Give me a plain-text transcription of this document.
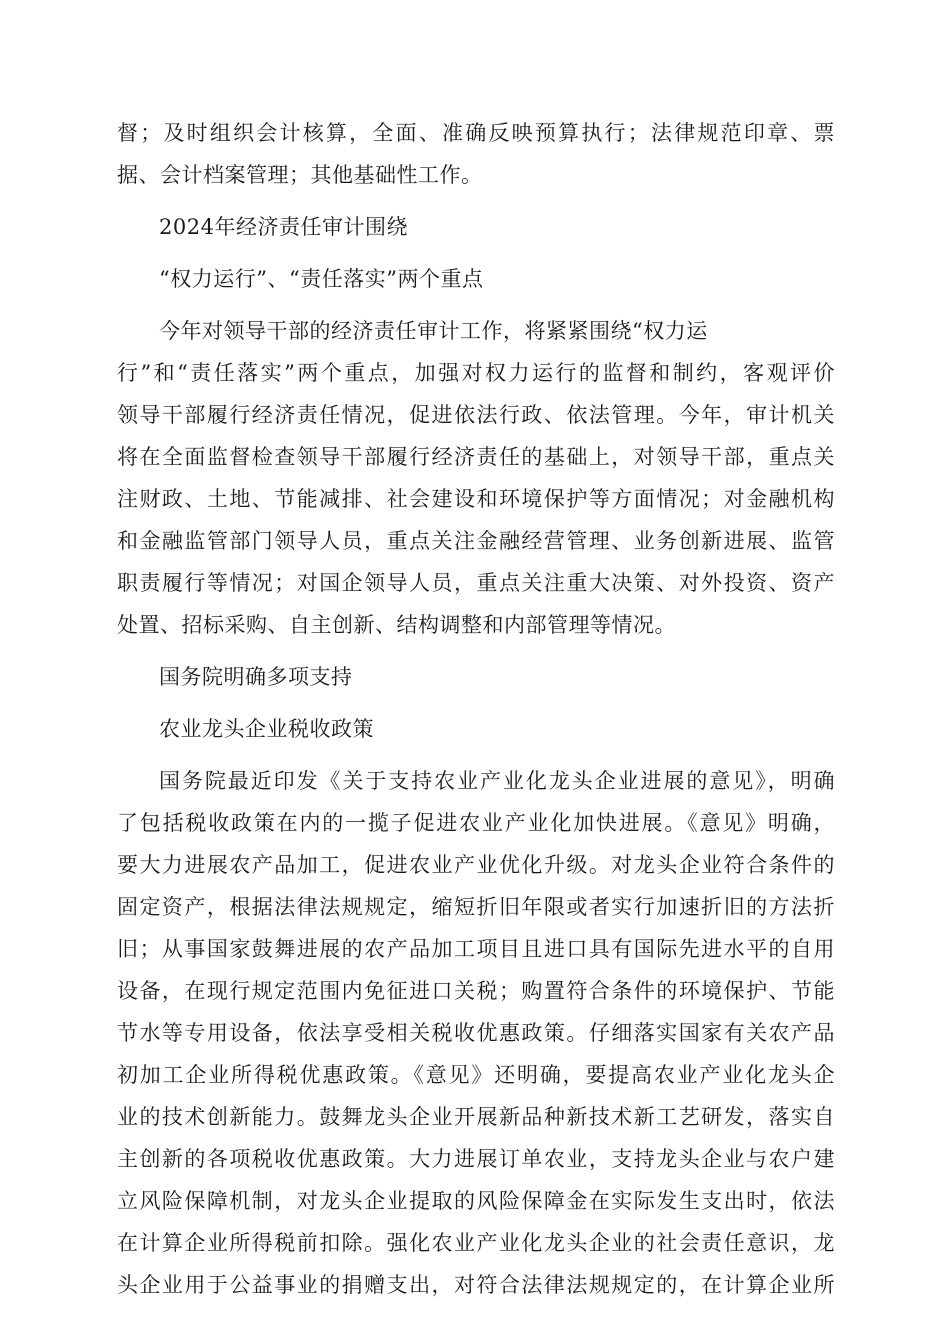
督；及时组织会计核算，全面、准确反映预算执行；法律规范印章、票
据、会计档案管理；其他基础性工作。
2024年经济责任审计围绕
“权力运行”、“责任落实”两个重点
今年对领导干部的经济责任审计工作，将紧紧围绕“权力运
行”和“责任落实”两个重点，加强对权力运行的监督和制约，客观评价
领导干部履行经济责任情况，促进依法行政、依法管理。今年，审计机关
将在全面监督检查领导干部履行经济责任的基础上，对领导干部，重点关
注财政、土地、节能减排、社会建设和环境保护等方面情况；对金融机构
和金融监管部门领导人员，重点关注金融经营管理、业务创新进展、监管
职责履行等情况；对国企领导人员，重点关注重大决策、对外投资、资产
处置、招标采购、自主创新、结构调整和内部管理等情况。
国务院明确多项支持
农业龙头企业税收政策
国务院最近印发《关于支持农业产业化龙头企业进展的意见》，明确
了包括税收政策在内的一揽子促进农业产业化加快进展。《意见》明确，
要大力进展农产品加工，促进农业产业优化升级。对龙头企业符合条件的
固定资产，根据法律法规规定，缩短折旧年限或者实行加速折旧的方法折
旧；从事国家鼓舞进展的农产品加工项目且进口具有国际先进水平的自用
设备，在现行规定范围内免征进口关税；购置符合条件的环境保护、节能
节水等专用设备，依法享受相关税收优惠政策。仔细落实国家有关农产品
初加工企业所得税优惠政策。《意见》还明确，要提高农业产业化龙头企
业的技术创新能力。鼓舞龙头企业开展新品种新技术新工艺研发，落实自
主创新的各项税收优惠政策。大力进展订单农业，支持龙头企业与农户建
立风险保障机制，对龙头企业提取的风险保障金在实际发生支出时，依法
在计算企业所得税前扣除。强化农业产业化龙头企业的社会责任意识，龙
头企业用于公益事业的捐赠支出，对符合法律法规规定的，在计算企业所
